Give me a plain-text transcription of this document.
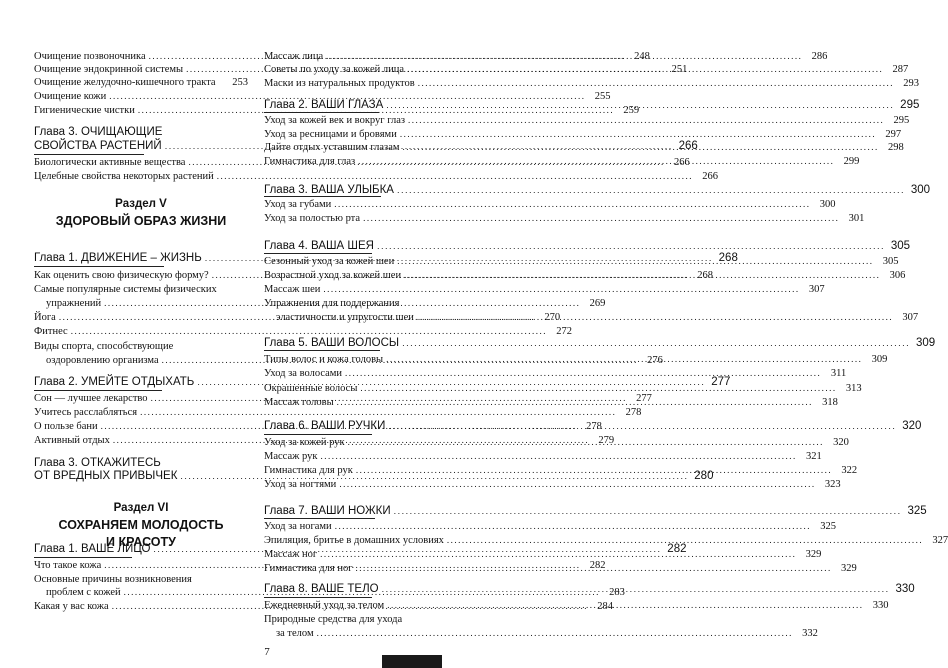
Очищение позвоночника .....	248
Очищение эндокринной системы .....	251
Очищение желудочно-кишечного тракта	253
Очищение кожи .....	255
Гигиенические чистки .....	259
Глава 3. ОЧИЩАЮЩИЕ
СВОЙСТВА РАСТЕНИЙ .....	266
Биологически активные вещества .....	266
Целебные свойства некоторых растений .....	266
Раздел V
ЗДОРОВЫЙ ОБРАЗ ЖИЗНИ
Глава 1. ДВИЖЕНИЕ – ЖИЗНЬ .....	268
Как оценить свою физическую форму? .....	268
Самые популярные системы физических
упражнений .....	269
Йога .....	270
Фитнес .....	272
Виды спорта, способствующие
оздоровлению организма .....	276
Глава 2. УМЕЙТЕ ОТДЫХАТЬ .....	277
Сон — лучшее лекарство .....	277
Учитесь расслабляться .....	278
О пользе бани .....	278
Активный отдых .....	279
Глава 3. ОТКАЖИТЕСЬ
ОТ ВРЕДНЫХ ПРИВЫЧЕК .....	280
Раздел VI
СОХРАНЯЕМ МОЛОДОСТЬ
И КРАСОТУ
Глава 1. ВАШЕ ЛИЦО .....	282
Что такое кожа .....	282
Основные причины возникновения
проблем с кожей .....	283
Какая у вас кожа .....	284
Массаж лица .....	286
Советы по уходу за кожей лица .....	287
Маски из натуральных продуктов .....	293
Глава 2. ВАШИ ГЛАЗА .....	295
Уход за кожей век и вокруг глаз .....	295
Уход за ресницами и бровями .....	297
Дайте отдых уставшим глазам .....	298
Гимнастика для глаз .....	299
Глава 3. ВАША УЛЫБКА .....	300
Уход за губами .....	300
Уход за полостью рта .....	301
Глава 4. ВАША ШЕЯ .....	305
Сезонный уход за кожей шеи .....	305
Возрастной уход за кожей шеи .....	306
Массаж шеи .....	307
Упражнения для поддержания
эластичности и упругости шеи .....	307
Глава 5. ВАШИ ВОЛОСЫ .....	309
Типы волос и кожа головы .....	309
Уход за волосами .....	311
Окрашенные волосы .....	313
Массаж головы .....	318
Глава 6. ВАШИ РУЧКИ .....	320
Уход за кожей рук .....	320
Массаж рук .....	321
Гимнастика для рук .....	322
Уход за ногтями .....	323
Глава 7. ВАШИ НОЖКИ .....	325
Уход за ногами .....	325
Эпиляция, бритье в домашних условиях .....	327
Массаж ног .....	329
Гимнастика для ног .....	329
Глава 8. ВАШЕ ТЕЛО .....	330
Ежедневный уход за телом .....	330
Природные средства для ухода
за телом .....	332
7
